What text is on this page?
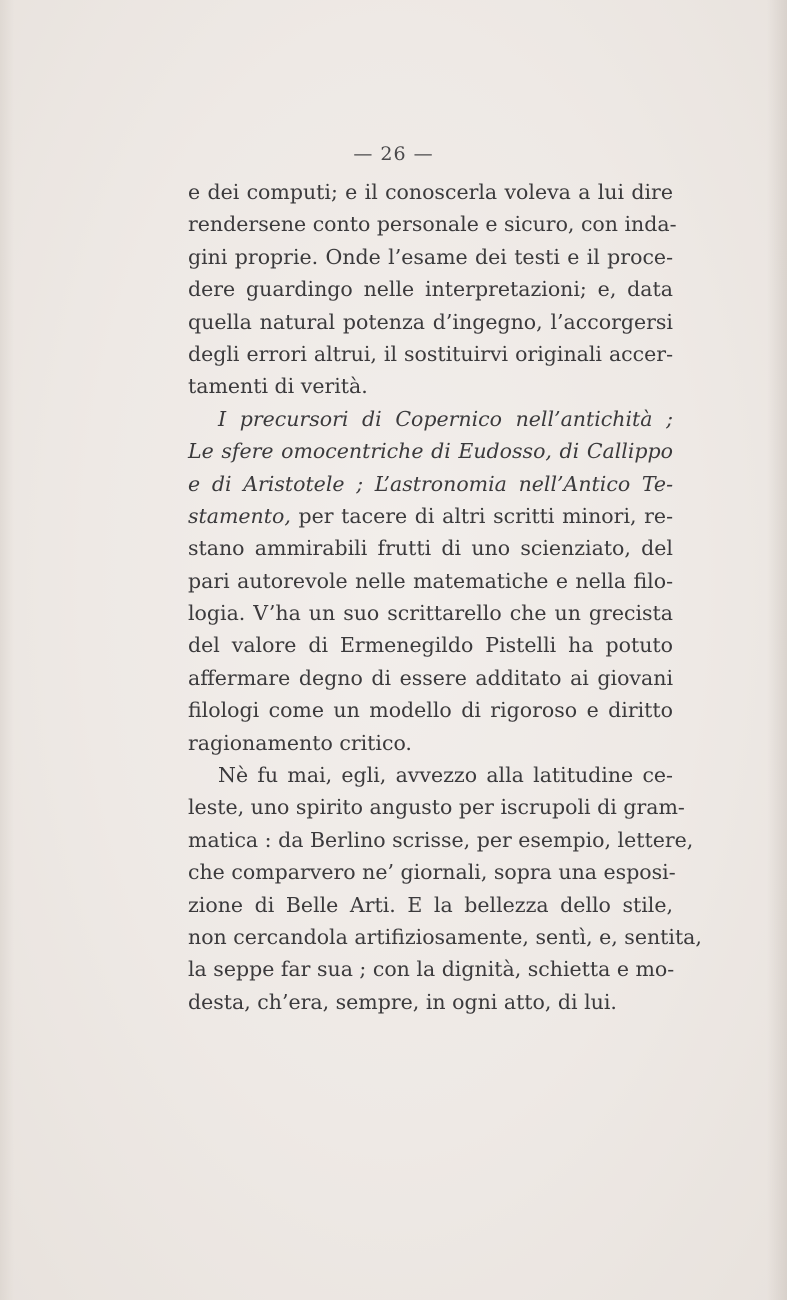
— 26 —
e dei computi; e il conoscerla voleva a lui dire
rendersene conto personale e sicuro, con inda-
gini proprie. Onde l’esame dei testi e il proce-
dere guardingo nelle interpretazioni; e, data
quella natural potenza d’ingegno, l’accorgersi
degli errori altrui, il sostituirvi originali accer-
tamenti di verità.
I precursori di Copernico nell’antichità ;
Le sfere omocentriche di Eudosso, di Callippo
e di Aristotele ; L’astronomia nell’Antico Te-
stamento, per tacere di altri scritti minori, re-
stano ammirabili frutti di uno scienziato, del
pari autorevole nelle matematiche e nella filo-
logia. V’ha un suo scrittarello che un grecista
del valore di Ermenegildo Pistelli ha potuto
affermare degno di essere additato ai giovani
filologi come un modello di rigoroso e diritto
ragionamento critico.
Nè fu mai, egli, avvezzo alla latitudine ce-
leste, uno spirito angusto per iscrupoli di gram-
matica : da Berlino scrisse, per esempio, lettere,
che comparvero ne’ giornali, sopra una esposi-
zione di Belle Arti. E la bellezza dello stile,
non cercandola artifiziosamente, sentì, e, sentita,
la seppe far sua ; con la dignità, schietta e mo-
desta, ch’era, sempre, in ogni atto, di lui.
